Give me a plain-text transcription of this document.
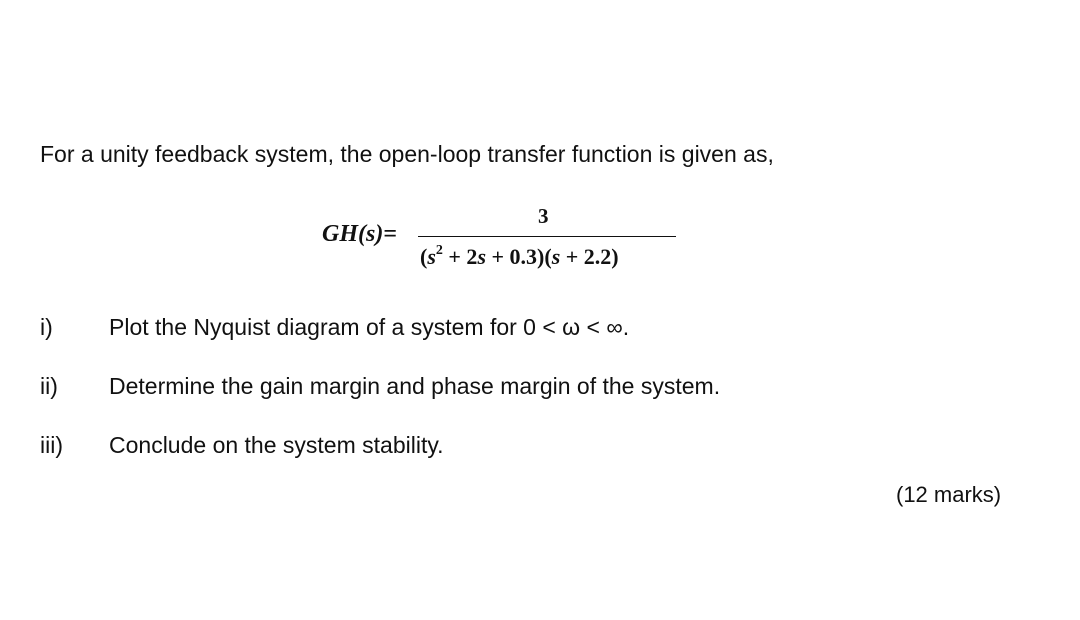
For a unity feedback system, the open-loop transfer function is given as,
GH(s)=
3
$(s^2 + 2s + 0.3)(s + 2.2)$
i) Plot the Nyquist diagram of a system for 0 < ω < ∞.
ii) Determine the gain margin and phase margin of the system.
iii) Conclude on the system stability.
(12 marks)
